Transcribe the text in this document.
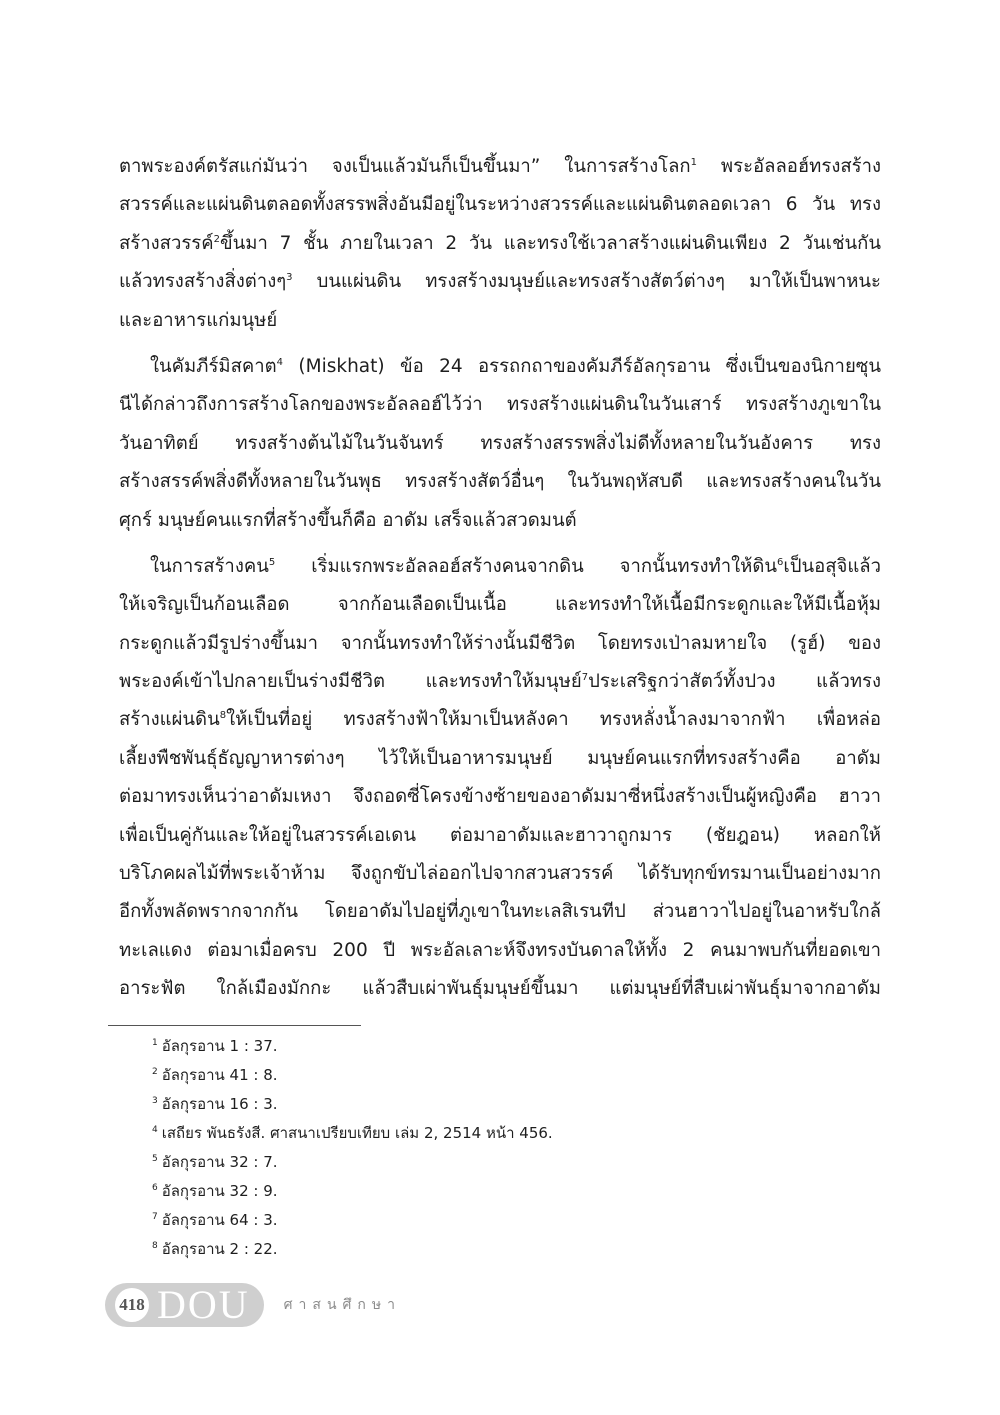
ตาพระองค์ตรัสแก่มันว่า จงเป็นแล้วมันก็เป็นขึ้นมา” ในการสร้างโลก$^1$ พระอัลลอฮ์ทรงสร้าง
สวรรค์และแผ่นดินตลอดทั้งสรรพสิ่งอันมีอยู่ในระหว่างสวรรค์และแผ่นดินตลอดเวลา 6 วัน ทรง
สร้างสวรรค์$^2$ขึ้นมา 7 ชั้น ภายในเวลา 2 วัน และทรงใช้เวลาสร้างแผ่นดินเพียง 2 วันเช่นกัน
แล้วทรงสร้างสิ่งต่างๆ$^3$ บนแผ่นดิน ทรงสร้างมนุษย์และทรงสร้างสัตว์ต่างๆ มาให้เป็นพาหนะ
และอาหารแก่มนุษย์
ในคัมภีร์มิสคาต$^4$ (Miskhat) ข้อ 24 อรรถกถาของคัมภีร์อัลกุรอาน ซึ่งเป็นของนิกายซุน
นีได้กล่าวถึงการสร้างโลกของพระอัลลอฮ์ไว้ว่า ทรงสร้างแผ่นดินในวันเสาร์ ทรงสร้างภูเขาใน
วันอาทิตย์ ทรงสร้างต้นไม้ในวันจันทร์ ทรงสร้างสรรพสิ่งไม่ดีทั้งหลายในวันอังคาร ทรง
สร้างสรรค์พสิ่งดีทั้งหลายในวันพุธ ทรงสร้างสัตว์อื่นๆ ในวันพฤหัสบดี และทรงสร้างคนในวัน
ศุกร์ มนุษย์คนแรกที่สร้างขึ้นก็คือ อาดัม เสร็จแล้วสวดมนต์
ในการสร้างคน$^5$ เริ่มแรกพระอัลลอฮ์สร้างคนจากดิน จากนั้นทรงทำให้ดิน$^6$เป็นอสุจิแล้ว
ให้เจริญเป็นก้อนเลือด จากก้อนเลือดเป็นเนื้อ และทรงทำให้เนื้อมีกระดูกและให้มีเนื้อหุ้ม
กระดูกแล้วมีรูปร่างขึ้นมา จากนั้นทรงทำให้ร่างนั้นมีชีวิต โดยทรงเป่าลมหายใจ (รูฮ์) ของ
พระองค์เข้าไปกลายเป็นร่างมีชีวิต และทรงทำให้มนุษย์$^7$ประเสริฐกว่าสัตว์ทั้งปวง แล้วทรง
สร้างแผ่นดิน$^8$ให้เป็นที่อยู่ ทรงสร้างฟ้าให้มาเป็นหลังคา ทรงหลั่งน้ำลงมาจากฟ้า เพื่อหล่อ
เลี้ยงพืชพันธุ์ธัญญาหารต่างๆ ไว้ให้เป็นอาหารมนุษย์ มนุษย์คนแรกที่ทรงสร้างคือ อาดัม
ต่อมาทรงเห็นว่าอาดัมเหงา จึงถอดซี่โครงข้างซ้ายของอาดัมมาซี่หนึ่งสร้างเป็นผู้หญิงคือ ฮาวา
เพื่อเป็นคู่กันและให้อยู่ในสวรรค์เอเดน ต่อมาอาดัมและฮาวาถูกมาร (ชัยฎอน) หลอกให้
บริโภคผลไม้ที่พระเจ้าห้าม จึงถูกขับไล่ออกไปจากสวนสวรรค์ ได้รับทุกข์ทรมานเป็นอย่างมาก
อีกทั้งพลัดพรากจากกัน โดยอาดัมไปอยู่ที่ภูเขาในทะเลสิเรนทีป ส่วนฮาวาไปอยู่ในอาหรับใกล้
ทะเลแดง ต่อมาเมื่อครบ 200 ปี พระอัลเลาะห์จึงทรงบันดาลให้ทั้ง 2 คนมาพบกันที่ยอดเขา
อาระฟัต ใกล้เมืองมักกะ แล้วสืบเผ่าพันธุ์มนุษย์ขึ้นมา แต่มนุษย์ที่สืบเผ่าพันธุ์มาจากอาดัม
$^1$ อัลกุรอาน 1 : 37.
$^2$ อัลกุรอาน 41 : 8.
$^3$ อัลกุรอาน 16 : 3.
$^4$ เสถียร พันธรังสี. ศาสนาเปรียบเทียบ เล่ม 2, 2514 หน้า 456.
$^5$ อัลกุรอาน 32 : 7.
$^6$ อัลกุรอาน 32 : 9.
$^7$ อัลกุรอาน 64 : 3.
$^8$ อัลกุรอาน 2 : 22.
418 DOU ศาสนศึกษา
